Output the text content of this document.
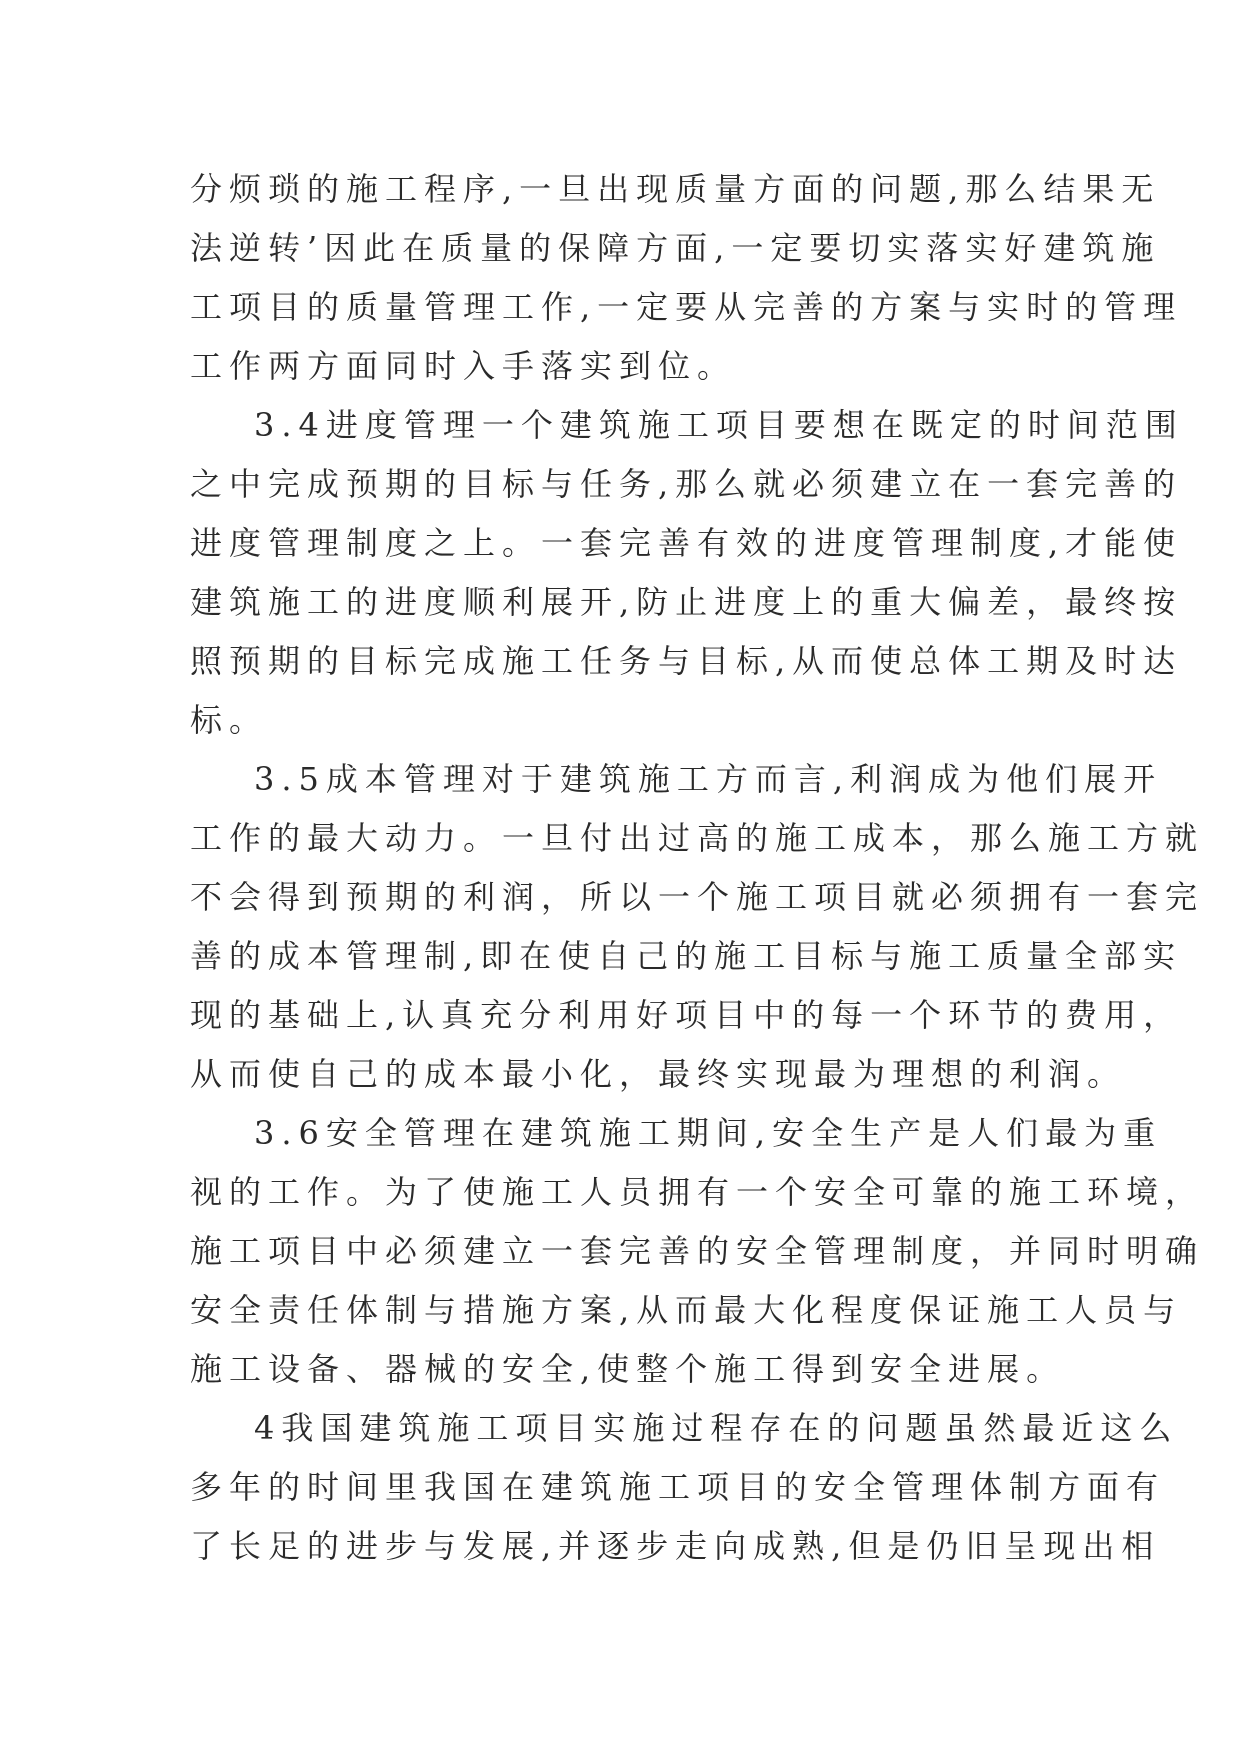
分烦琐的施工程序,一旦出现质量方面的问题,那么结果无
法逆转’因此在质量的保障方面,一定要切实落实好建筑施
工项目的质量管理工作,一定要从完善的方案与实时的管理
工作两方面同时入手落实到位。
3.4进度管理一个建筑施工项目要想在既定的时间范围
之中完成预期的目标与任务,那么就必须建立在一套完善的
进度管理制度之上。一套完善有效的进度管理制度,才能使
建筑施工的进度顺利展开,防止进度上的重大偏差，最终按
照预期的目标完成施工任务与目标,从而使总体工期及时达
标。
3.5成本管理对于建筑施工方而言,利润成为他们展开
工作的最大动力。一旦付出过高的施工成本，那么施工方就
不会得到预期的利润，所以一个施工项目就必须拥有一套完
善的成本管理制,即在使自己的施工目标与施工质量全部实
现的基础上,认真充分利用好项目中的每一个环节的费用，
从而使自己的成本最小化，最终实现最为理想的利润。
3.6安全管理在建筑施工期间,安全生产是人们最为重
视的工作。为了使施工人员拥有一个安全可靠的施工环境，
施工项目中必须建立一套完善的安全管理制度，并同时明确
安全责任体制与措施方案,从而最大化程度保证施工人员与
施工设备、器械的安全,使整个施工得到安全进展。
4我国建筑施工项目实施过程存在的问题虽然最近这么
多年的时间里我国在建筑施工项目的安全管理体制方面有
了长足的进步与发展,并逐步走向成熟,但是仍旧呈现出相
